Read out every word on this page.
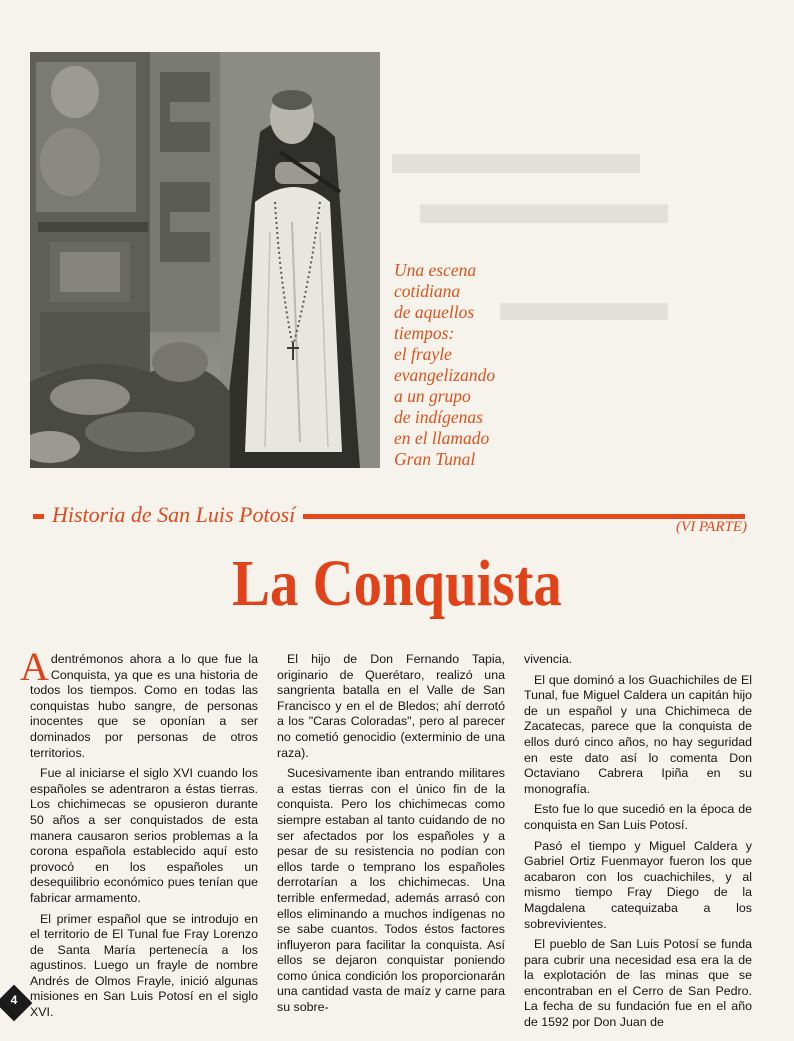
▬▬▬▬
▬▬▬▬
▬▬▬
Una escena
cotidiana
de aquellos
tiempos:
el frayle
evangelizando
a un grupo
de indígenas
en el llamado
Gran Tunal
Historia de San Luis Potosí	(VI PARTE)
La Conquista

Adentrémonos ahora a lo que fue la Conquista, ya que es una historia de todos los tiempos. Como en todas las conquistas hubo sangre, de personas inocentes que se oponían a ser dominados por personas de otros territorios.

Fue al iniciarse el siglo XVI cuando los españoles se adentraron a éstas tierras. Los chichimecas se opusieron durante 50 años a ser conquistados de esta manera causaron serios problemas a la corona española establecido aquí esto provocó en los españoles un desequilibrio económico pues tenían que fabricar armamento.

El primer español que se introdujo en el territorio de El Tunal fue Fray Lorenzo de Santa María pertenecía a los agustinos. Luego un frayle de nombre Andrés de Olmos Frayle, inició algunas misiones en San Luis Potosí en el siglo XVI.

El hijo de Don Fernando Tapia, originario de Querétaro, realizó una sangrienta batalla en el Valle de San Francisco y en el de Bledos; ahí derrotó a los "Caras Coloradas", pero al parecer no cometió genocidio (exterminio de una raza).

Sucesivamente iban entrando militares a estas tierras con el único fin de la conquista. Pero los chichimecas como siempre estaban al tanto cuidando de no ser afectados por los españoles y a pesar de su resistencia no podían con ellos tarde o temprano los españoles derrotarían a los chichimecas. Una terrible enfermedad, además arrasó con ellos eliminando a muchos indígenas no se sabe cuantos. Todos éstos factores influyeron para facilitar la conquista. Así ellos se dejaron conquistar poniendo como única condición los proporcionarán una cantidad vasta de maíz y carne para su sobre-

vivencia.

El que dominó a los Guachichiles de El Tunal, fue Miguel Caldera un capitán hijo de un español y una Chichimeca de Zacatecas, parece que la conquista de ellos duró cinco años, no hay seguridad en este dato así lo comenta Don Octaviano Cabrera Ipiña en su monografía.

Esto fue lo que sucedió en la época de conquista en San Luis Potosí.

Pasó el tiempo y Miguel Caldera y Gabriel Ortiz Fuenmayor fueron los que acabaron con los cuachichiles, y al mismo tiempo Fray Diego de la Magdalena catequizaba a los sobrevivientes.

El pueblo de San Luis Potosí se funda para cubrir una necesidad esa era la de la explotación de las minas que se encontraban en el Cerro de San Pedro. La fecha de su fundación fue en el año de 1592 por Don Juan de

4
